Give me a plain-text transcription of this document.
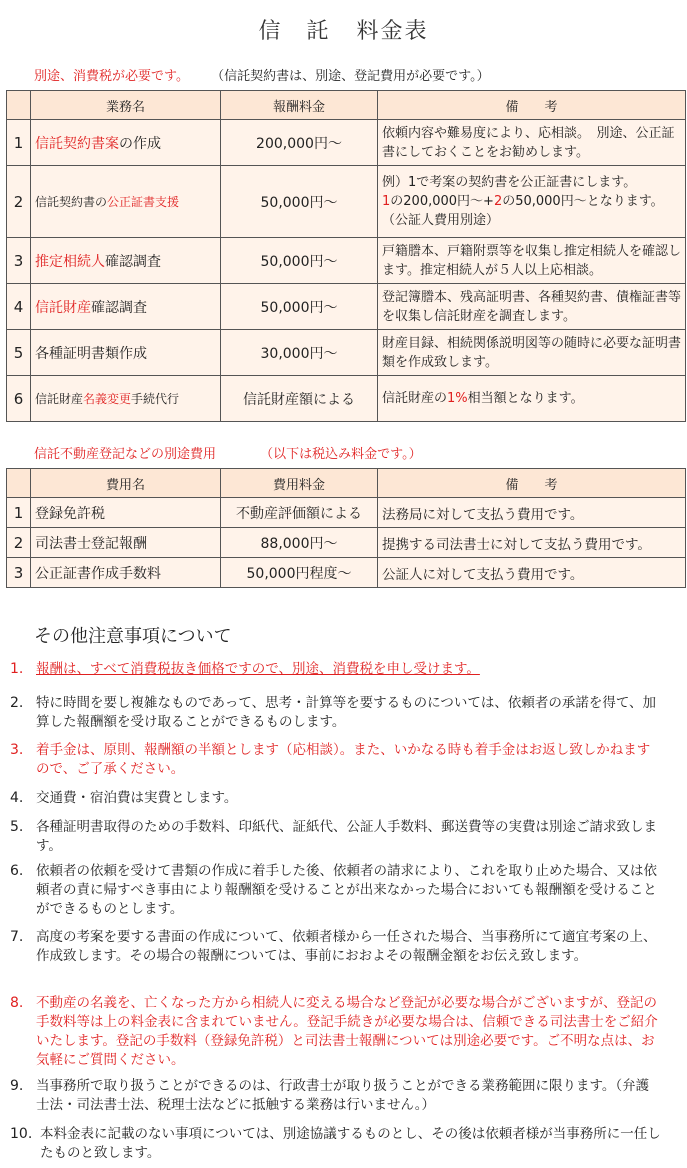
信　託 料金表
別途、消費税が必要です。 （信託契約書は、別途、登記費用が必要です。）
	業務名	報酬料金	備　　考
1	信託契約書案の作成	200,000円～	依頼内容や難易度により、応相談。　別途、公正証書にしておくことをお勧めします。
2	信託契約書の公正証書支援	50,000円～	例）1で考案の契約書を公正証書にします。
1の200,000円～+2の50,000円～となります。（公証人費用別途）
3	推定相続人確認調査	50,000円～	戸籍謄本、戸籍附票等を収集し推定相続人を確認します。推定相続人が５人以上応相談。
4	信託財産確認調査	50,000円～	登記簿謄本、残高証明書、各種契約書、債権証書等を収集し信託財産を調査します。
5	各種証明書類作成	30,000円～	財産目録、相続関係説明図等の随時に必要な証明書類を作成致します。
6	信託財産名義変更手続代行	信託財産額による	信託財産の1%相当額となります。
信託不動産登記などの別途費用	（以下は税込み料金です。）
	費用名	費用料金	備　　考
1	登録免許税	不動産評価額による	法務局に対して支払う費用です。
2	司法書士登記報酬	88,000円～	提携する司法書士に対して支払う費用です。
3	公正証書作成手数料	50,000円程度～	公証人に対して支払う費用です。
その他注意事項について
1. 報酬は、すべて消費税抜き価格ですので、別途、消費税を申し受けます。
2. 特に時間を要し複雑なものであって、思考・計算等を要するものについては、依頼者の承諾を得て、加算した報酬額を受け取ることができるものします。
3. 着手金は、原則、報酬額の半額とします（応相談）。また、いかなる時も着手金はお返し致しかねますので、ご了承ください。
4. 交通費・宿泊費は実費とします。
5. 各種証明書取得のための手数料、印紙代、証紙代、公証人手数料、郵送費等の実費は別途ご請求致します。
6. 依頼者の依頼を受けて書類の作成に着手した後、依頼者の請求により、これを取り止めた場合、又は依頼者の責に帰すべき事由により報酬額を受けることが出来なかった場合においても報酬額を受けることができるものとします。
7. 高度の考案を要する書面の作成について、依頼者様から一任された場合、当事務所にて適宜考案の上、作成致します。その場合の報酬については、事前におおよその報酬金額をお伝え致します。
8. 不動産の名義を、亡くなった方から相続人に変える場合など登記が必要な場合がございますが、登記の手数料等は上の料金表に含まれていません。登記手続きが必要な場合は、信頼できる司法書士をご紹介いたします。登記の手数料（登録免許税）と司法書士報酬については別途必要です。ご不明な点は、お気軽にご質問ください。
9. 当事務所で取り扱うことができるのは、行政書士が取り扱うことができる業務範囲に限ります。（弁護士法・司法書士法、税理士法などに抵触する業務は行いません。）
10. 本料金表に記載のない事項については、別途協議するものとし、その後は依頼者様が当事務所に一任したものと致します。
